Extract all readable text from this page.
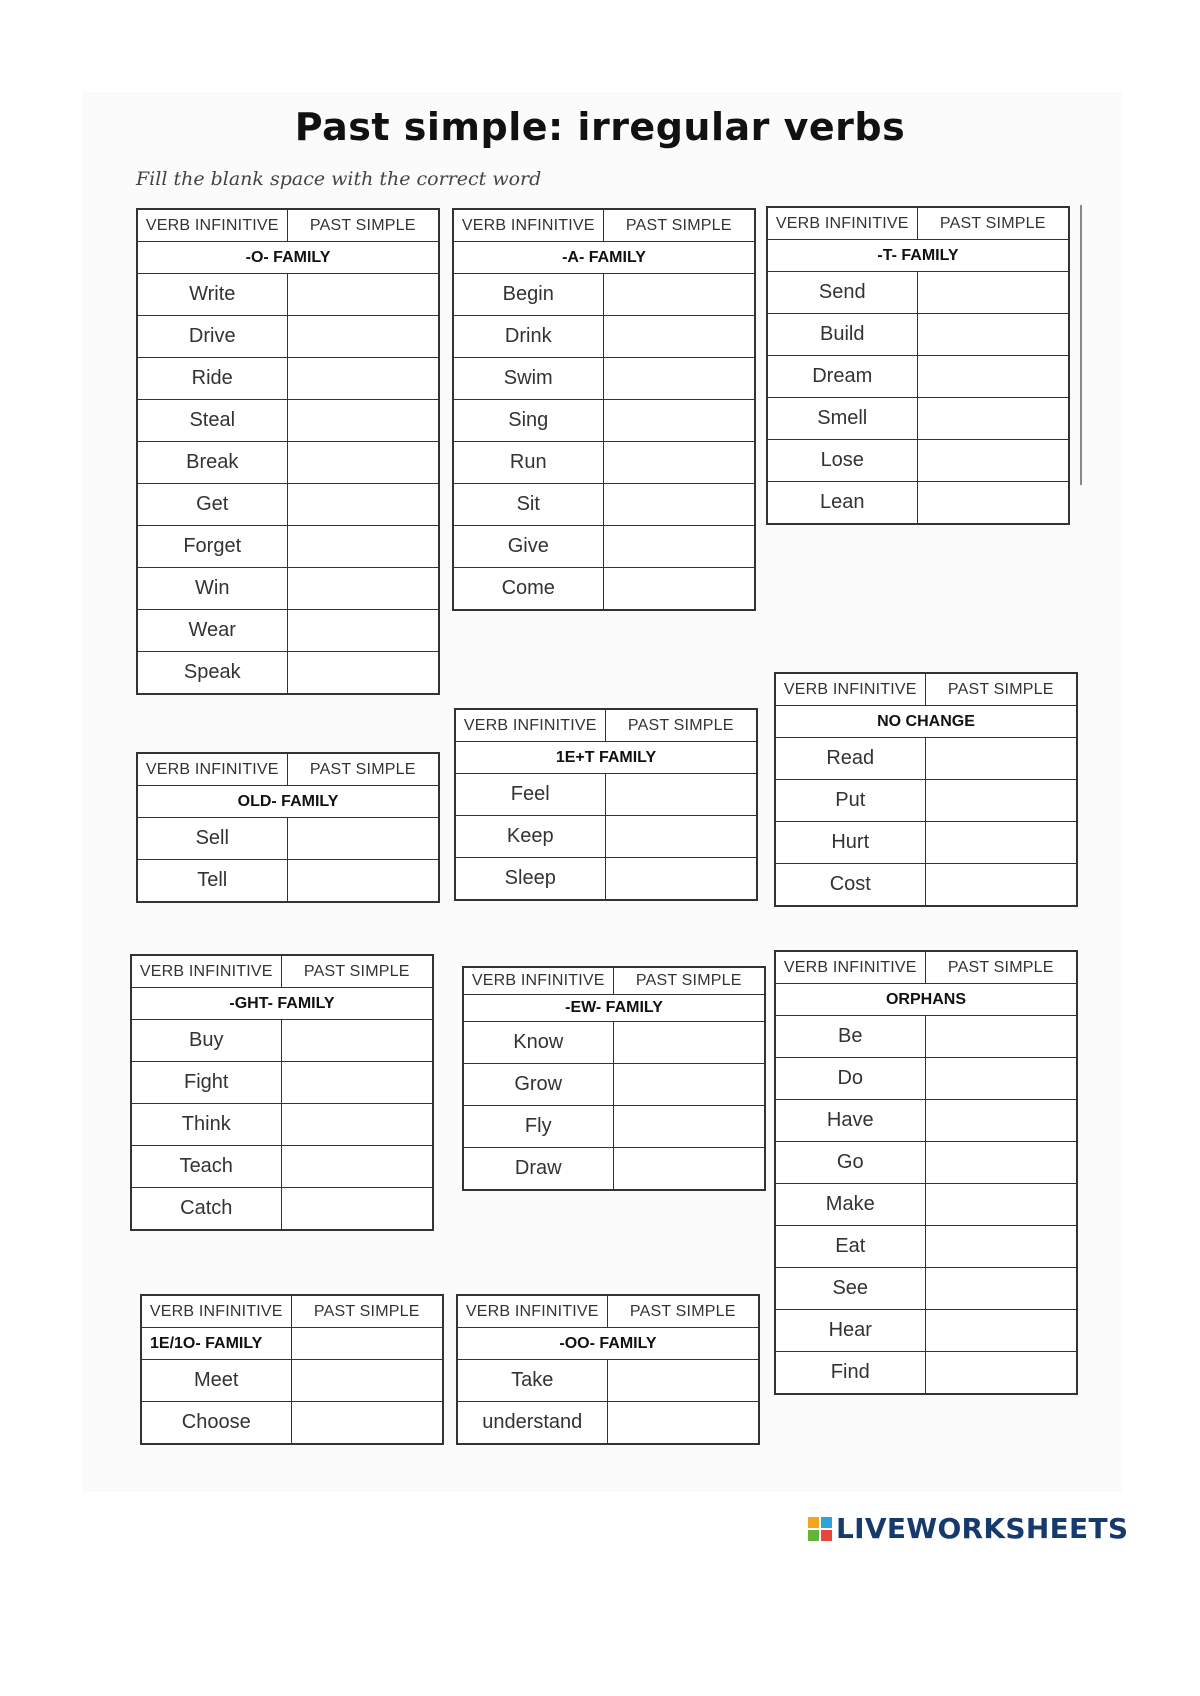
Past simple: irregular verbs

Fill the blank space with the correct word

VERB INFINITIVE	PAST SIMPLE
-O- FAMILY	
Write	
Drive	
Ride	
Steal	
Break	
Get	
Forget	
Win	
Wear	
Speak	
VERB INFINITIVE	PAST SIMPLE
-A- FAMILY	
Begin	
Drink	
Swim	
Sing	
Run	
Sit	
Give	
Come	
VERB INFINITIVE	PAST SIMPLE
-T- FAMILY	
Send	
Build	
Dream	
Smell	
Lose	
Lean	
VERB INFINITIVE	PAST SIMPLE
NO CHANGE	
Read	
Put	
Hurt	
Cost	
VERB INFINITIVE	PAST SIMPLE
1E+T FAMILY	
Feel	
Keep	
Sleep	
VERB INFINITIVE	PAST SIMPLE
OLD- FAMILY	
Sell	
Tell	
VERB INFINITIVE	PAST SIMPLE
-GHT- FAMILY	
Buy	
Fight	
Think	
Teach	
Catch	
VERB INFINITIVE	PAST SIMPLE
-EW- FAMILY	
Know	
Grow	
Fly	
Draw	
VERB INFINITIVE	PAST SIMPLE
ORPHANS	
Be	
Do	
Have	
Go	
Make	
Eat	
See	
Hear	
Find	
VERB INFINITIVE	PAST SIMPLE
1E/1O- FAMILY	
Meet	
Choose	
VERB INFINITIVE	PAST SIMPLE
-OO- FAMILY	
Take	
understand	
LIVEWORKSHEETS
